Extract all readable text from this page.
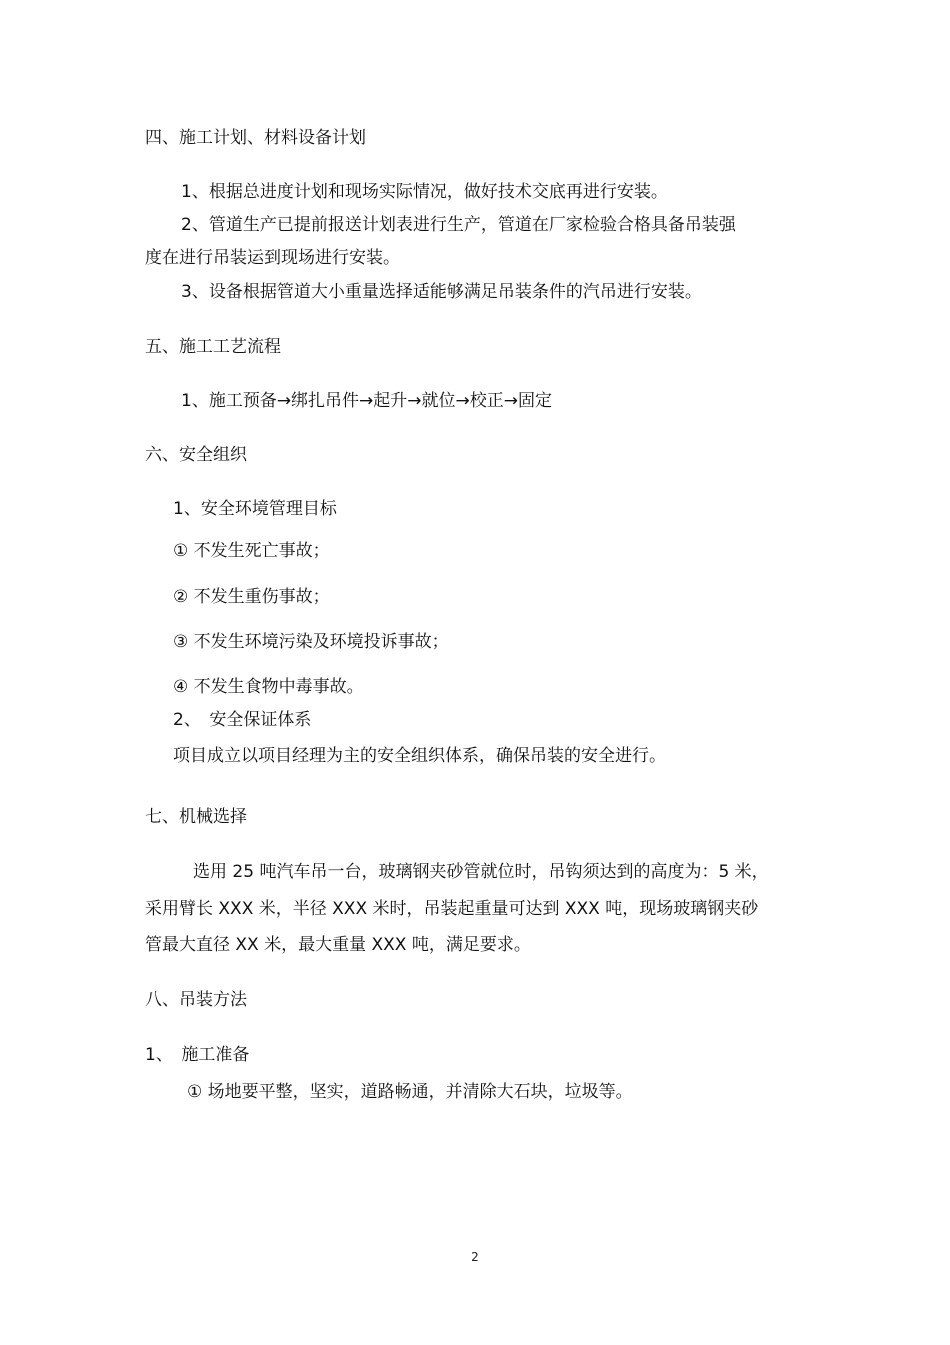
四、施工计划、材料设备计划
1、根据总进度计划和现场实际情况，做好技术交底再进行安装。
2、管道生产已提前报送计划表进行生产，管道在厂家检验合格具备吊装强
度在进行吊装运到现场进行安装。
3、设备根据管道大小重量选择适能够满足吊装条件的汽吊进行安装。
五、施工工艺流程
1、施工预备→绑扎吊件→起升→就位→校正→固定
六、安全组织
1、安全环境管理目标
① 不发生死亡事故；
② 不发生重伤事故；
③ 不发生环境污染及环境投诉事故；
④ 不发生食物中毒事故。
2、　安全保证体系
项目成立以项目经理为主的安全组织体系，确保吊装的安全进行。
七、机械选择
选用 25 吨汽车吊一台，玻璃钢夹砂管就位时，吊钩须达到的高度为：5 米，
采用臂长 XXX 米，半径 XXX 米时，吊装起重量可达到 XXX 吨，现场玻璃钢夹砂
管最大直径 XX 米，最大重量 XXX 吨，满足要求。
八、吊装方法
1、　施工准备
① 场地要平整，坚实，道路畅通，并清除大石块，垃圾等。
2
